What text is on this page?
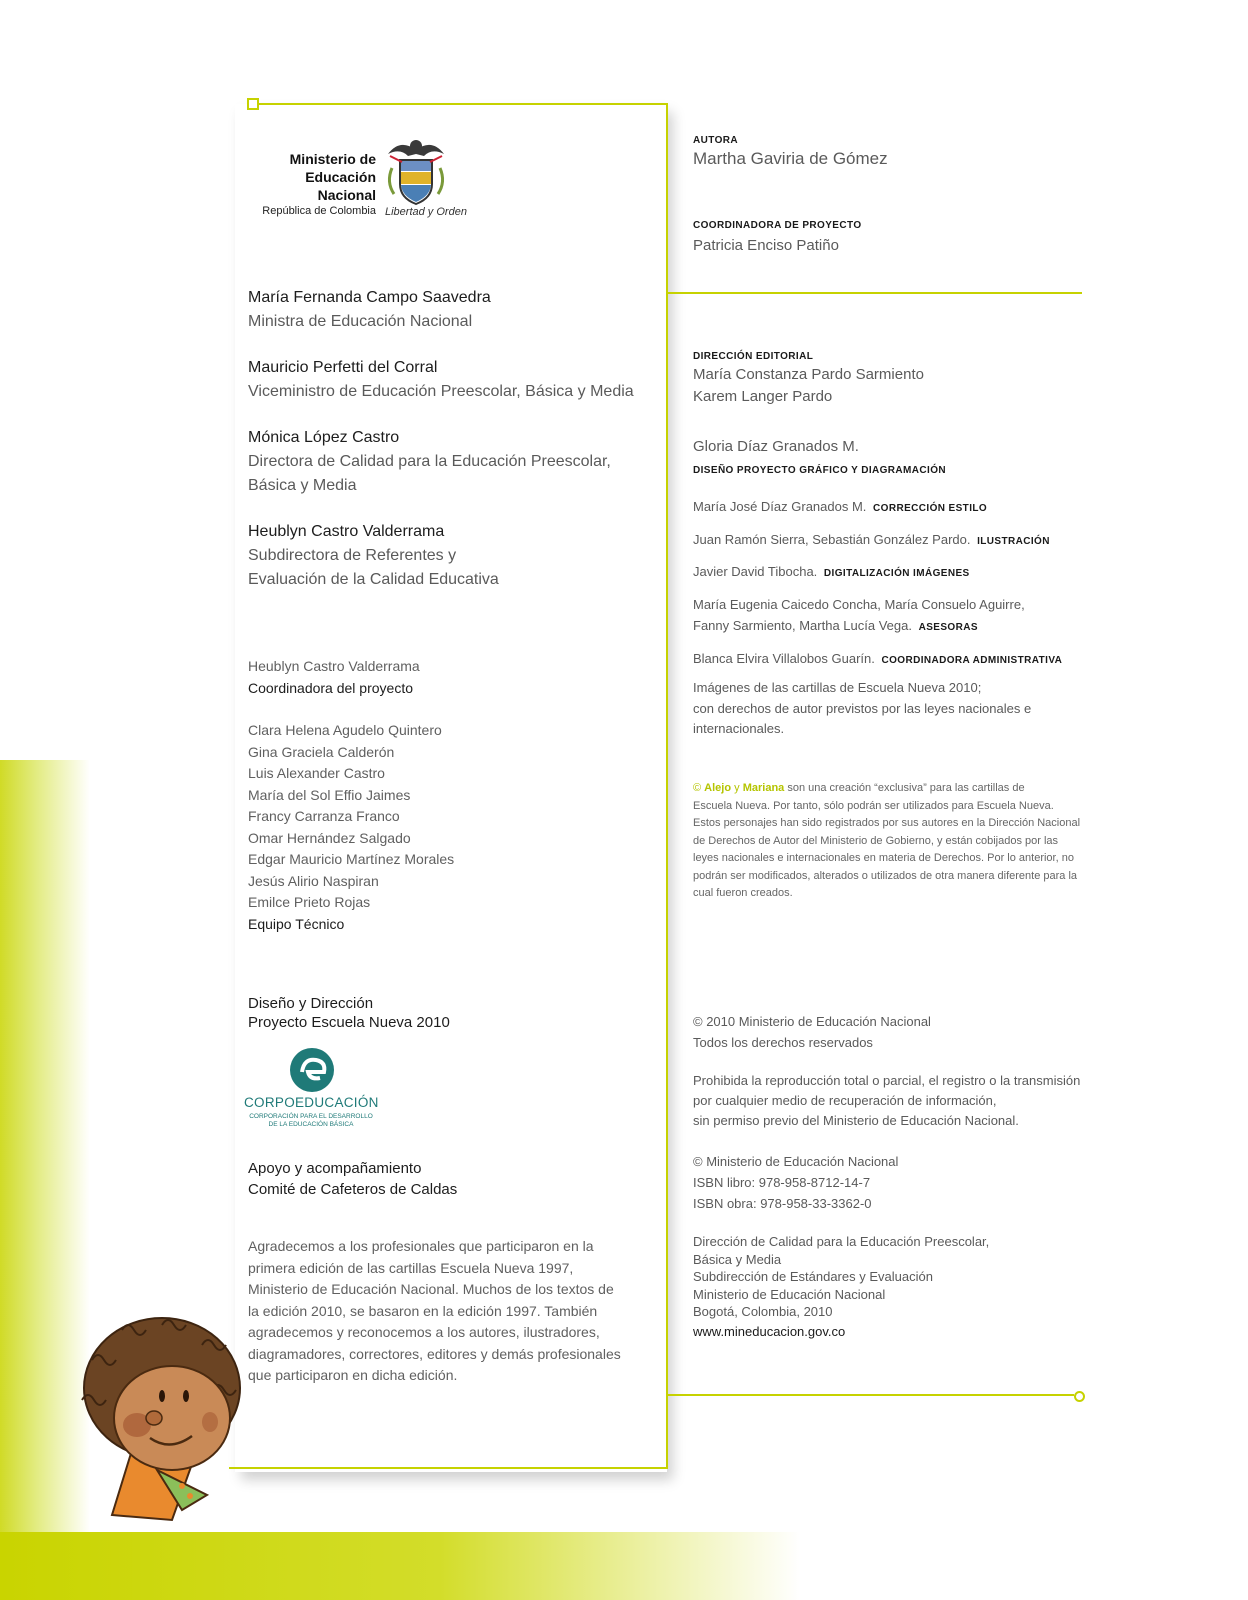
Ministerio de
Educación Nacional
República de Colombia Libertad y Orden
María Fernanda Campo Saavedra
Ministra de Educación Nacional
Mauricio Perfetti del Corral
Viceministro de Educación Preescolar, Básica y Media
Mónica López Castro
Directora de Calidad para la Educación Preescolar,
Básica y Media
Heublyn Castro Valderrama
Subdirectora de Referentes y
Evaluación de la Calidad Educativa
Heublyn Castro Valderrama
Coordinadora del proyecto
Clara Helena Agudelo Quintero
Gina Graciela Calderón
Luis Alexander Castro
María del Sol Effio Jaimes
Francy Carranza Franco
Omar Hernández Salgado
Edgar Mauricio Martínez Morales
Jesús Alirio Naspiran
Emilce Prieto Rojas
Equipo Técnico
Diseño y Dirección
Proyecto Escuela Nueva 2010
CORPOEDUCACIÓN
CORPORACIÓN PARA EL DESARROLLO
DE LA EDUCACIÓN BÁSICA
Apoyo y acompañamiento
Comité de Cafeteros de Caldas
Agradecemos a los profesionales que participaron en la
primera edición de las cartillas Escuela Nueva 1997,
Ministerio de Educación Nacional. Muchos de los textos de
la edición 2010, se basaron en la edición 1997. También
agradecemos y reconocemos a los autores, ilustradores,
diagramadores, correctores, editores y demás profesionales
que participaron en dicha edición.
AUTORA
Martha Gaviria de Gómez
COORDINADORA DE PROYECTO
Patricia Enciso Patiño
DIRECCIÓN EDITORIAL
María Constanza Pardo Sarmiento
Karem Langer Pardo
Gloria Díaz Granados M.
DISEÑO PROYECTO GRÁFICO Y DIAGRAMACIÓN
María José Díaz Granados M. CORRECCIÓN ESTILO
Juan Ramón Sierra, Sebastián González Pardo. ILUSTRACIÓN
Javier David Tibocha. DIGITALIZACIÓN IMÁGENES
María Eugenia Caicedo Concha, María Consuelo Aguirre,
Fanny Sarmiento, Martha Lucía Vega. ASESORAS
Blanca Elvira Villalobos Guarín. COORDINADORA ADMINISTRATIVA
Imágenes de las cartillas de Escuela Nueva 2010;
con derechos de autor previstos por las leyes nacionales e
internacionales.
© Alejo y Mariana son una creación “exclusiva” para las cartillas de
Escuela Nueva. Por tanto, sólo podrán ser utilizados para Escuela Nueva.
Estos personajes han sido registrados por sus autores en la Dirección Nacional
de Derechos de Autor del Ministerio de Gobierno, y están cobijados por las
leyes nacionales e internacionales en materia de Derechos. Por lo anterior, no
podrán ser modificados, alterados o utilizados de otra manera diferente para la
cual fueron creados.
© 2010 Ministerio de Educación Nacional
Todos los derechos reservados
Prohibida la reproducción total o parcial, el registro o la transmisión
por cualquier medio de recuperación de información,
sin permiso previo del Ministerio de Educación Nacional.
© Ministerio de Educación Nacional
ISBN libro: 978-958-8712-14-7
ISBN obra: 978-958-33-3362-0
Dirección de Calidad para la Educación Preescolar,
Básica y Media
Subdirección de Estándares y Evaluación
Ministerio de Educación Nacional
Bogotá, Colombia, 2010
www.mineducacion.gov.co
